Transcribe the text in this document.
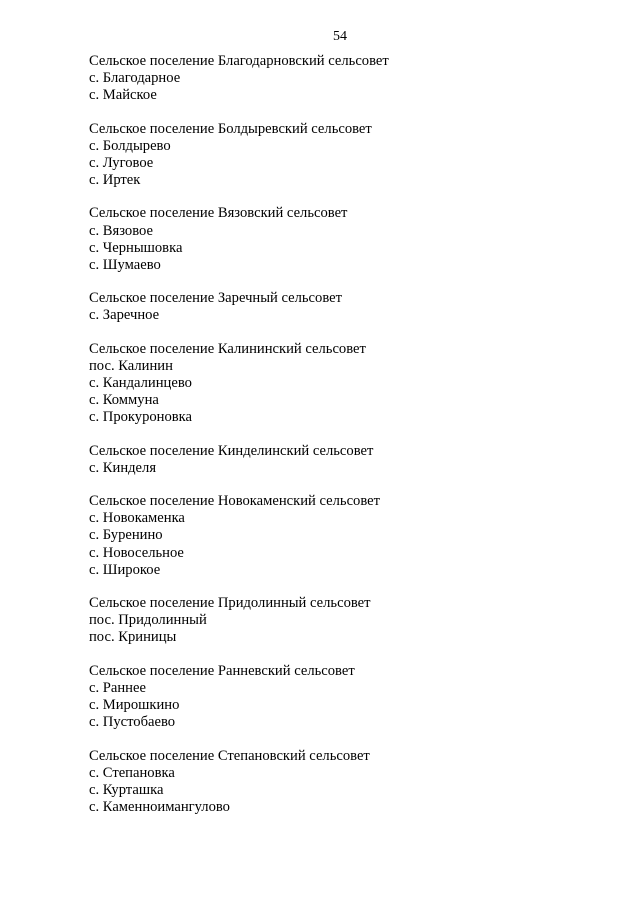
54
Сельское поселение Благодарновский сельсовет
с. Благодарное
с. Майское
Сельское поселение Болдыревский сельсовет
с. Болдырево
с. Луговое
с. Иртек
Сельское поселение Вязовский сельсовет
с. Вязовое
с. Чернышовка
с. Шумаево
Сельское поселение Заречный сельсовет
с. Заречное
Сельское поселение Калининский сельсовет
пос. Калинин
с. Кандалинцево
с. Коммуна
с. Прокуроновка
Сельское поселение Кинделинский сельсовет
с. Кинделя
Сельское поселение Новокаменский сельсовет
с. Новокаменка
с. Буренино
с. Новосельное
с. Широкое
Сельское поселение Придолинный сельсовет
пос. Придолинный
пос. Криницы
Сельское поселение Ранневский сельсовет
с. Раннее
с. Мирошкино
с. Пустобаево
Сельское поселение Степановский сельсовет
с. Степановка
с. Курташка
с. Каменноимангулово
